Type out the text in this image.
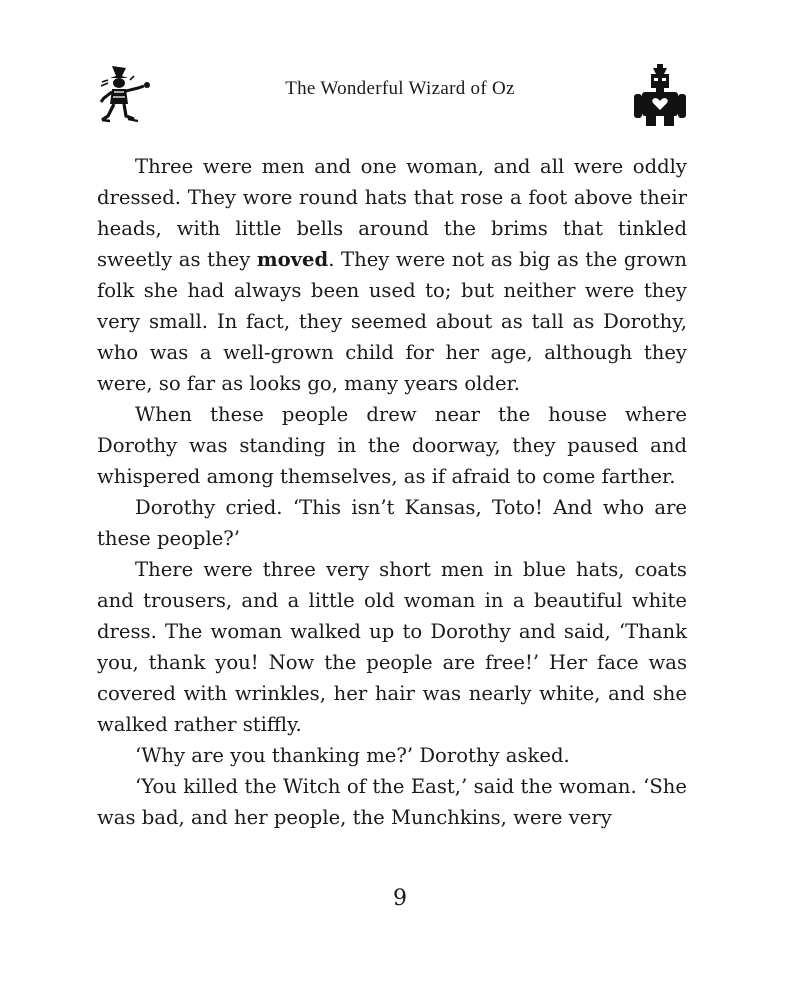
The Wonderful Wizard of Oz

Three were men and one woman, and all were oddly dressed. They wore round hats that rose a foot above their heads, with little bells around the brims that tinkled sweetly as they moved. They were not as big as the grown folk she had always been used to; but neither were they very small. In fact, they seemed about as tall as Dorothy, who was a well-grown child for her age, although they were, so far as looks go, many years older.

When these people drew near the house where Dorothy was standing in the doorway, they paused and whispered among themselves, as if afraid to come farther.

Dorothy cried. ‘This isn’t Kansas, Toto! And who are these people?’

There were three very short men in blue hats, coats and trousers, and a little old woman in a beautiful white dress. The woman walked up to Dorothy and said, ‘Thank you, thank you! Now the people are free!’ Her face was covered with wrinkles, her hair was nearly white, and she walked rather stiffly.

‘Why are you thanking me?’ Dorothy asked.

‘You killed the Witch of the East,’ said the woman. ‘She was bad, and her people, the Munchkins, were very

9
